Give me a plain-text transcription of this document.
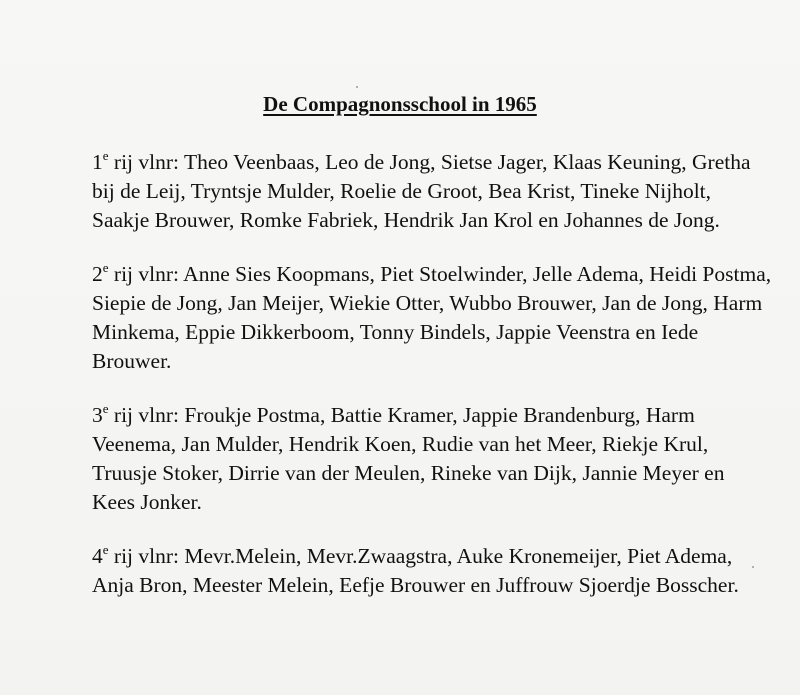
De Compagnonsschool in 1965

1e rij vlnr: Theo Veenbaas, Leo de Jong, Sietse Jager, Klaas Keuning, Gretha bij de Leij, Tryntsje Mulder, Roelie de Groot, Bea Krist, Tineke Nijholt, Saakje Brouwer, Romke Fabriek, Hendrik Jan Krol en Johannes de Jong.

2e rij vlnr: Anne Sies Koopmans, Piet Stoelwinder, Jelle Adema, Heidi Postma, Siepie de Jong, Jan Meijer, Wiekie Otter, Wubbo Brouwer, Jan de Jong, Harm Minkema, Eppie Dikkerboom, Tonny Bindels, Jappie Veenstra en Iede Brouwer.

3e rij vlnr: Froukje Postma, Battie Kramer, Jappie Brandenburg, Harm Veenema, Jan Mulder, Hendrik Koen, Rudie van het Meer, Riekje Krul, Truusje Stoker, Dirrie van der Meulen, Rineke van Dijk, Jannie Meyer en Kees Jonker.

4e rij vlnr: Mevr.Melein, Mevr.Zwaagstra, Auke Kronemeijer, Piet Adema, Anja Bron, Meester Melein, Eefje Brouwer en Juffrouw Sjoerdje Bosscher.
